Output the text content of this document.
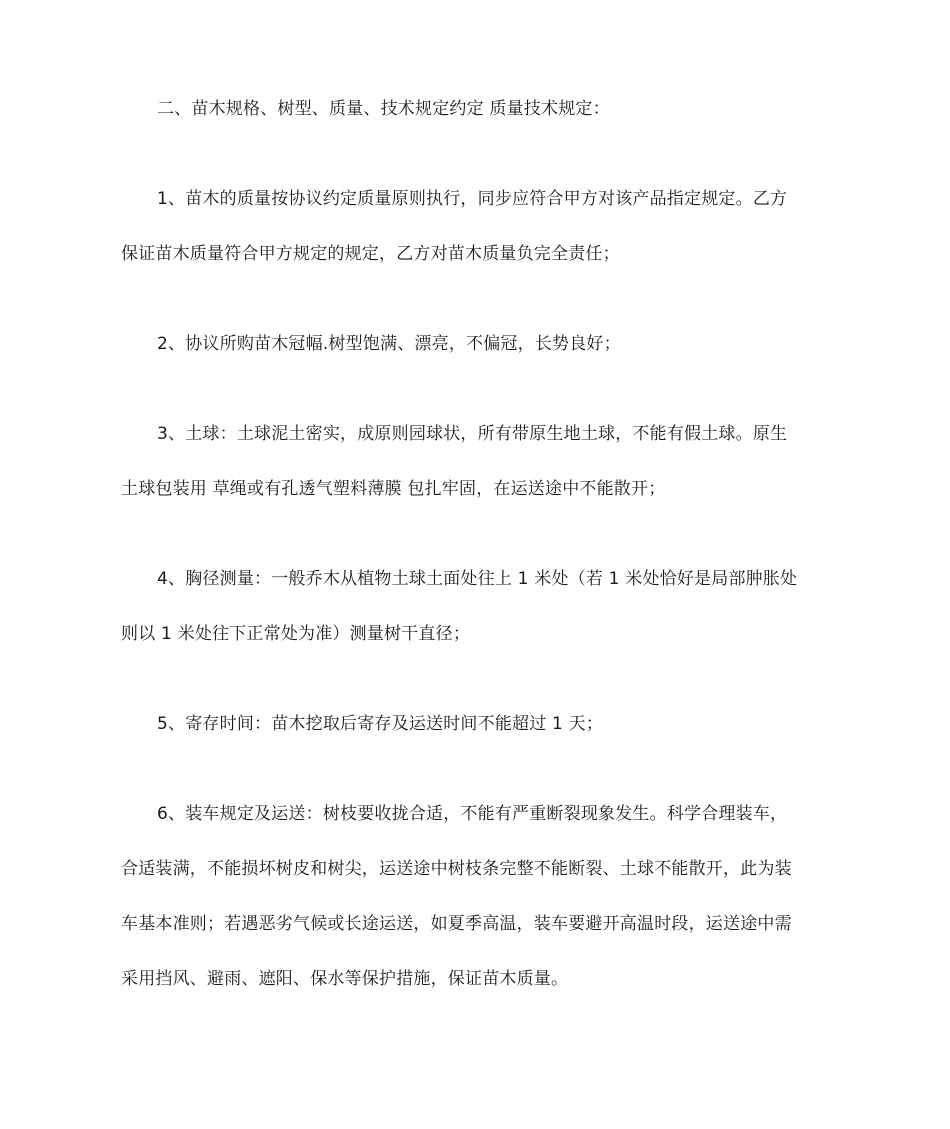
二、苗木规格、树型、质量、技术规定约定 质量技术规定：

1、苗木的质量按协议约定质量原则执行，同步应符合甲方对该产品指定规定。乙方
保证苗木质量符合甲方规定的规定，乙方对苗木质量负完全责任；

2、协议所购苗木冠幅.树型饱满、漂亮，不偏冠，长势良好；

3、土球：土球泥土密实，成原则园球状，所有带原生地土球，不能有假土球。原生
土球包装用 草绳或有孔透气塑料薄膜 包扎牢固，在运送途中不能散开；

4、胸径测量：一般乔木从植物土球土面处往上 1 米处（若 1 米处恰好是局部肿胀处
则以 1 米处往下正常处为准）测量树干直径；

5、寄存时间：苗木挖取后寄存及运送时间不能超过 1 天；

6、装车规定及运送：树枝要收拢合适，不能有严重断裂现象发生。科学合理装车，
合适装满，不能损坏树皮和树尖，运送途中树枝条完整不能断裂、土球不能散开，此为装
车基本准则；若遇恶劣气候或长途运送，如夏季高温，装车要避开高温时段，运送途中需
采用挡风、避雨、遮阳、保水等保护措施，保证苗木质量。
